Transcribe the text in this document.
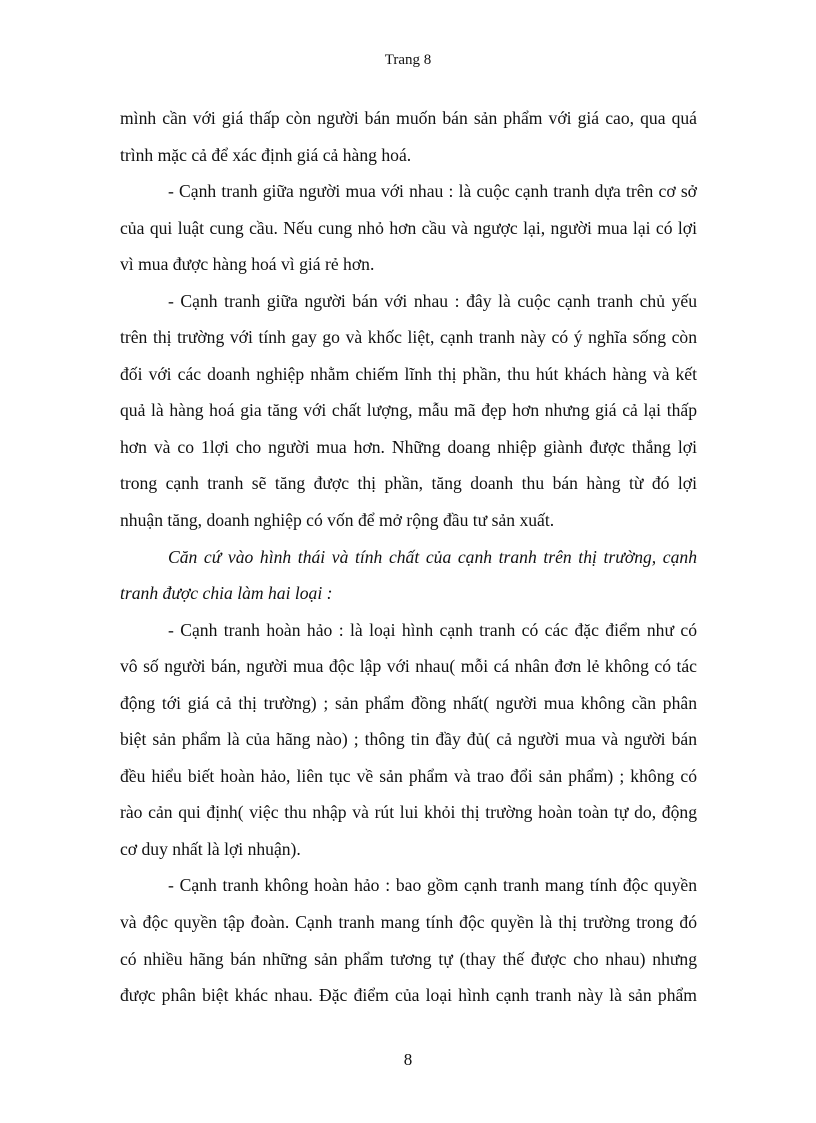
Trang 8
mình cần với giá thấp còn người bán muốn bán sản phẩm với giá cao, qua quá
trình mặc cả để xác định giá cả hàng hoá.
- Cạnh tranh giữa người mua với nhau : là cuộc cạnh tranh dựa trên cơ sở
của qui luật cung cầu. Nếu cung nhỏ hơn cầu và ngược lại, người mua lại có lợi
vì mua được hàng hoá vì giá rẻ hơn.
- Cạnh tranh giữa người bán với nhau : đây là cuộc cạnh tranh chủ yếu
trên thị trường với tính gay go và khốc liệt, cạnh tranh này có ý nghĩa sống còn
đối với các doanh nghiệp nhằm chiếm lĩnh thị phần, thu hút khách hàng và kết
quả là hàng hoá gia tăng với chất lượng, mẫu mã đẹp hơn nhưng giá cả lại thấp
hơn và co 1lợi cho người mua hơn. Những doang nhiệp giành được thắng lợi
trong cạnh tranh sẽ tăng được thị phần, tăng doanh thu bán hàng từ đó lợi
nhuận tăng, doanh nghiệp có vốn để mở rộng đầu tư sản xuất.
Căn cứ vào hình thái và tính chất của cạnh tranh trên thị trường, cạnh
tranh được chia làm hai loại :
- Cạnh tranh hoàn hảo : là loại hình cạnh tranh có các đặc điểm như có
vô số người bán, người mua độc lập với nhau( mỗi cá nhân đơn lẻ không có tác
động tới giá cả thị trường) ; sản phẩm đồng nhất( người mua không cần phân
biệt sản phẩm là của hãng nào) ; thông tin đầy đủ( cả người mua và người bán
đều hiểu biết hoàn hảo, liên tục về sản phẩm và trao đổi sản phẩm) ; không có
rào cản qui định( việc thu nhập và rút lui khỏi thị trường hoàn toàn tự do, động
cơ duy nhất là lợi nhuận).
- Cạnh tranh không hoàn hảo : bao gồm cạnh tranh mang tính độc quyền
và độc quyền tập đoàn. Cạnh tranh mang tính độc quyền là thị trường trong đó
có nhiều hãng bán những sản phẩm tương tự (thay thế được cho nhau) nhưng
được phân biệt khác nhau. Đặc điểm của loại hình cạnh tranh này là sản phẩm
8
